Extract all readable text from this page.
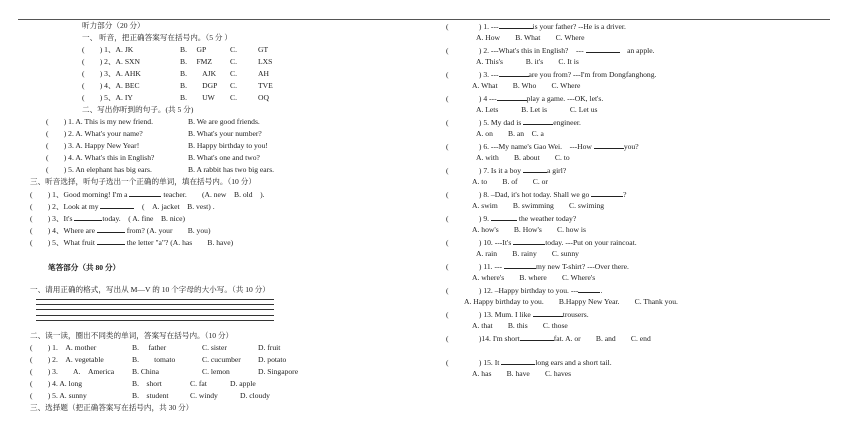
听力部分（20 分）
一、 听音，把正确答案写在括号内。（5 分 ）
(　　) 1、A. JK	B.　 GP	C.	GT
(　　) 2、A. SXN	B.　 FMZ C.	LXS
(　　) 3、A. AHK	B.　　AJK C.	AH
(　　) 4、A. BEC	B.　　DGP C.	TVE
(　　) 5、A. IY	B.　　UW C.	OQ
二、写出你听到的句子。(共 5 分)
(　　) 1. A. This is my new friend.	B. We are good friends.
(　　) 2. A. What's your name?	B. What's your number?
(　　) 3. A. Happy New Year!	B. Happy birthday to you!
(　　) 4. A. What's this in English?	B. What's one and two?
(　　) 5. An elephant has big ears.	B. A rabbit has two big ears.
三、听音选择，听句子选出一个正确的单词，填在括号内。（10 分）
(　　) 1、Good morning! I'm a	teacher.　　(A. new　B. old　).
(　　) 2、Look at my	　(　A. jacket　B. vest) .
(　　) 3、It's	today.　( A. fine　B. nice)
(　　) 4、Where are	from? (A. your　　B. you)
(　　) 5、What fruit	the letter "a"? (A. has　　B. have)
笔答部分（共 80 分）
一、请用正确的格式，写出从 M—V 的 10 个字母的大小写。（共 10 分）
二、读一读，圈出不同类的单词，答案写在括号内。（10 分）
(　　) 1.　A. mother	B.　 father	C. sister	D. fruit
(　　) 2.　A. vegetable	B.　　tomato	C. cucumber D. potato
(　　) 3.　　A.　America B. China	C. lemon	D. Singapore
(　　) 4. A. long	B.　short	C. fat	D. apple
(　　) 5. A. sunny	B.　student	C. windy	D. cloudy
三、选择题（把正确答案写在括号内，共 30 分）
(　　　　) 1. ---	is your father? --He is a driver.
A. How　　B. What　　C. Where
(　　　　) 2. ---What's this in English?　---	　an apple.
A. This's　　　B. it's　　C. It is
(　　　　) 3. ---	are you from? ---I'm from Dongfanghong.
A. What　　B. Who　　C. Where
(　　　　) 4 ---	play a game. ---OK, let's.
A. Lets　　　B. Let is　　　C. Let us
(　　　　) 5. My dad is	engineer.
A. on　　B. an　C. a
(　　　　) 6. ---My name's Gao Wei.　---How	you?
A. with　　B. about　　C. to
(　　　　) 7. Is it a boy	a girl?
A. to　　B. of　　C. or
(　　　　) 8. –Dad, it's hot today. Shall we go	?
A. swim　　B. swimming　　C. swiming
(　　　　) 9.	the weather today?
A. how's　　B. How's　　C. how is
(　　　　) 10. ---It's	today. ---Put on your raincoat.
A. rain　　B. rainy　　C. sunny
(　　　　) 11. ---	my new T-shirt? ---Over there.
A. where's　　B. where　　C. Where's
(　　　　) 12. –Happy birthday to you. ---	.
A. Happy birthday to you.　　B.Happy New Year.　　C. Thank you.
(　　　　) 13. Mum. I like	trousers.
A. that　　B. this　　C. those
(　　　　)14. I'm short	fat. A. or　　B. and　　C. end
(　　　　) 15. It	long ears and a short tail.
A. has　　B. have　　C. haves
